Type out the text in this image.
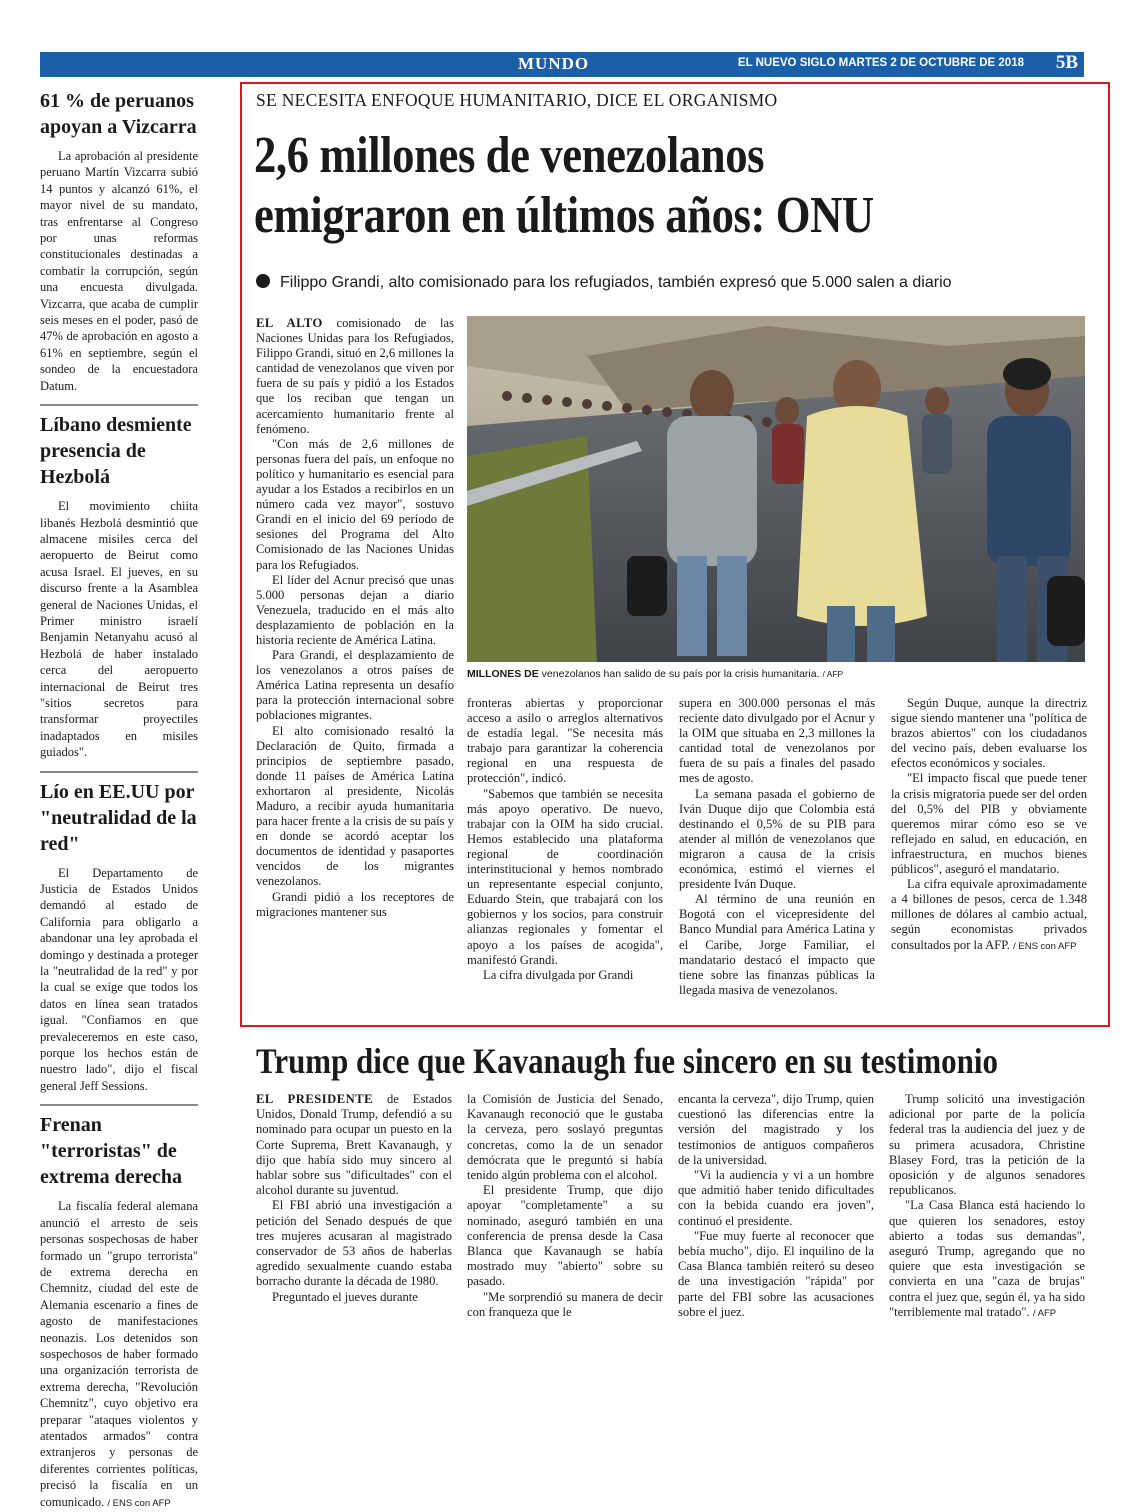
MUNDO	EL NUEVO SIGLO MARTES 2 DE OCTUBRE DE 2018 5B
61 % de peruanos apoyan a Vizcarra

La aprobación al presidente peruano Martín Vizcarra subió 14 puntos y alcanzó 61%, el mayor nivel de su mandato, tras enfrentarse al Congreso por unas reformas constitucionales destinadas a combatir la corrupción, según una encuesta divulgada. Vizcarra, que acaba de cumplir seis meses en el poder, pasó de 47% de aprobación en agosto a 61% en septiembre, según el sondeo de la encuestadora Datum.

Líbano desmiente presencia de Hezbolá

El movimiento chiita libanés Hezbolá desmintió que almacene misiles cerca del aeropuerto de Beirut como acusa Israel. El jueves, en su discurso frente a la Asamblea general de Naciones Unidas, el Primer ministro israelí Benjamin Netanyahu acusó al Hezbolá de haber instalado cerca del aeropuerto internacional de Beirut tres "sitios secretos para transformar proyectiles inadaptados en misiles guiados".

Lío en EE.UU por "neutralidad de la red"

El Departamento de Justicia de Estados Unidos demandó al estado de California para obligarlo a abandonar una ley aprobada el domingo y destinada a proteger la "neutralidad de la red" y por la cual se exige que todos los datos en línea sean tratados igual. "Confiamos en que prevaleceremos en este caso, porque los hechos están de nuestro lado", dijo el fiscal general Jeff Sessions.

Frenan "terroristas" de extrema derecha

La fiscalía federal alemana anunció el arresto de seis personas sospechosas de haber formado un "grupo terrorista" de extrema derecha en Chemnitz, ciudad del este de Alemania escenario a fines de agosto de manifestaciones neonazis. Los detenidos son sospechosos de haber formado una organización terrorista de extrema derecha, "Revolución Chemnitz", cuyo objetivo era preparar "ataques violentos y atentados armados" contra extranjeros y personas de diferentes corrientes políticas, precisó la fiscalía en un comunicado. / ENS con AFP

SE NECESITA ENFOQUE HUMANITARIO, DICE EL ORGANISMO
2,6 millones de venezolanos
emigraron en últimos años: ONU
Filippo Grandi, alto comisionado para los refugiados, también expresó que 5.000 salen a diario

EL ALTO comisionado de las Naciones Unidas para los Refugiados, Filippo Grandi, situó en 2,6 millones la cantidad de venezolanos que viven por fuera de su país y pidió a los Estados que los reciban que tengan un acercamiento humanitario frente al fenómeno.

"Con más de 2,6 millones de personas fuera del país, un enfoque no político y humanitario es esencial para ayudar a los Estados a recibirlos en un número cada vez mayor", sostuvo Grandi en el inicio del 69 período de sesiones del Programa del Alto Comisionado de las Naciones Unidas para los Refugiados.

El líder del Acnur precisó que unas 5.000 personas dejan a diario Venezuela, traducido en el más alto desplazamiento de población en la historia reciente de América Latina.

Para Grandi, el desplazamiento de los venezolanos a otros países de América Latina representa un desafío para la protección internacional sobre poblaciones migrantes.

El alto comisionado resaltó la Declaración de Quito, firmada a principios de septiembre pasado, donde 11 países de América Latina exhortaron al presidente, Nicolás Maduro, a recibir ayuda humanitaria para hacer frente a la crisis de su país y en donde se acordó aceptar los documentos de identidad y pasaportes vencidos de los migrantes venezolanos.

Grandi pidió a los receptores de migraciones mantener sus

MILLONES DE venezolanos han salido de su país por la crisis humanitaria. / AFP

fronteras abiertas y proporcionar acceso a asilo o arreglos alternativos de estadía legal. "Se necesita más trabajo para garantizar la coherencia regional en una respuesta de protección", indicó.

"Sabemos que también se necesita más apoyo operativo. De nuevo, trabajar con la OIM ha sido crucial. Hemos establecido una plataforma regional de coordinación interinstitucional y hemos nombrado un representante especial conjunto, Eduardo Stein, que trabajará con los gobiernos y los socios, para construir alianzas regionales y fomentar el apoyo a los países de acogida", manifestó Grandi.

La cifra divulgada por Grandi

supera en 300.000 personas el más reciente dato divulgado por el Acnur y la OIM que situaba en 2,3 millones la cantidad total de venezolanos por fuera de su país a finales del pasado mes de agosto.

La semana pasada el gobierno de Iván Duque dijo que Colombia está destinando el 0,5% de su PIB para atender al millón de venezolanos que migraron a causa de la crisis económica, estimó el viernes el presidente Iván Duque.

Al término de una reunión en Bogotá con el vicepresidente del Banco Mundial para América Latina y el Caribe, Jorge Familiar, el mandatario destacó el impacto que tiene sobre las finanzas públicas la llegada masiva de venezolanos.

Según Duque, aunque la directriz sigue siendo mantener una "política de brazos abiertos" con los ciudadanos del vecino país, deben evaluarse los efectos económicos y sociales.

"El impacto fiscal que puede tener la crisis migratoria puede ser del orden del 0,5% del PIB y obviamente queremos mirar cómo eso se ve reflejado en salud, en educación, en infraestructura, en muchos bienes públicos", aseguró el mandatario.

La cifra equivale aproximadamente a 4 billones de pesos, cerca de 1.348 millones de dólares al cambio actual, según economistas privados consultados por la AFP. / ENS con AFP

Trump dice que Kavanaugh fue sincero en su testimonio

EL PRESIDENTE de Estados Unidos, Donald Trump, defendió a su nominado para ocupar un puesto en la Corte Suprema, Brett Kavanaugh, y dijo que había sido muy sincero al hablar sobre sus "dificultades" con el alcohol durante su juventud.

El FBI abrió una investigación a petición del Senado después de que tres mujeres acusaran al magistrado conservador de 53 años de haberlas agredido sexualmente cuando estaba borracho durante la década de 1980.

Preguntado el jueves durante

la Comisión de Justicia del Senado, Kavanaugh reconoció que le gustaba la cerveza, pero soslayó preguntas concretas, como la de un senador demócrata que le preguntó si había tenido algún problema con el alcohol.

El presidente Trump, que dijo apoyar "completamente" a su nominado, aseguró también en una conferencia de prensa desde la Casa Blanca que Kavanaugh se había mostrado muy "abierto" sobre su pasado.

"Me sorprendió su manera de decir con franqueza que le

encanta la cerveza", dijo Trump, quien cuestionó las diferencias entre la versión del magistrado y los testimonios de antiguos compañeros de la universidad.

"Vi la audiencia y vi a un hombre que admitió haber tenido dificultades con la bebida cuando era joven", continuó el presidente.

"Fue muy fuerte al reconocer que bebía mucho", dijo. El inquilino de la Casa Blanca también reiteró su deseo de una investigación "rápida" por parte del FBI sobre las acusaciones sobre el juez.

Trump solicitó una investigación adicional por parte de la policía federal tras la audiencia del juez y de su primera acusadora, Christine Blasey Ford, tras la petición de la oposición y de algunos senadores republicanos.

"La Casa Blanca está haciendo lo que quieren los senadores, estoy abierto a todas sus demandas", aseguró Trump, agregando que no quiere que esta investigación se convierta en una "caza de brujas" contra el juez que, según él, ya ha sido "terriblemente mal tratado". / AFP
